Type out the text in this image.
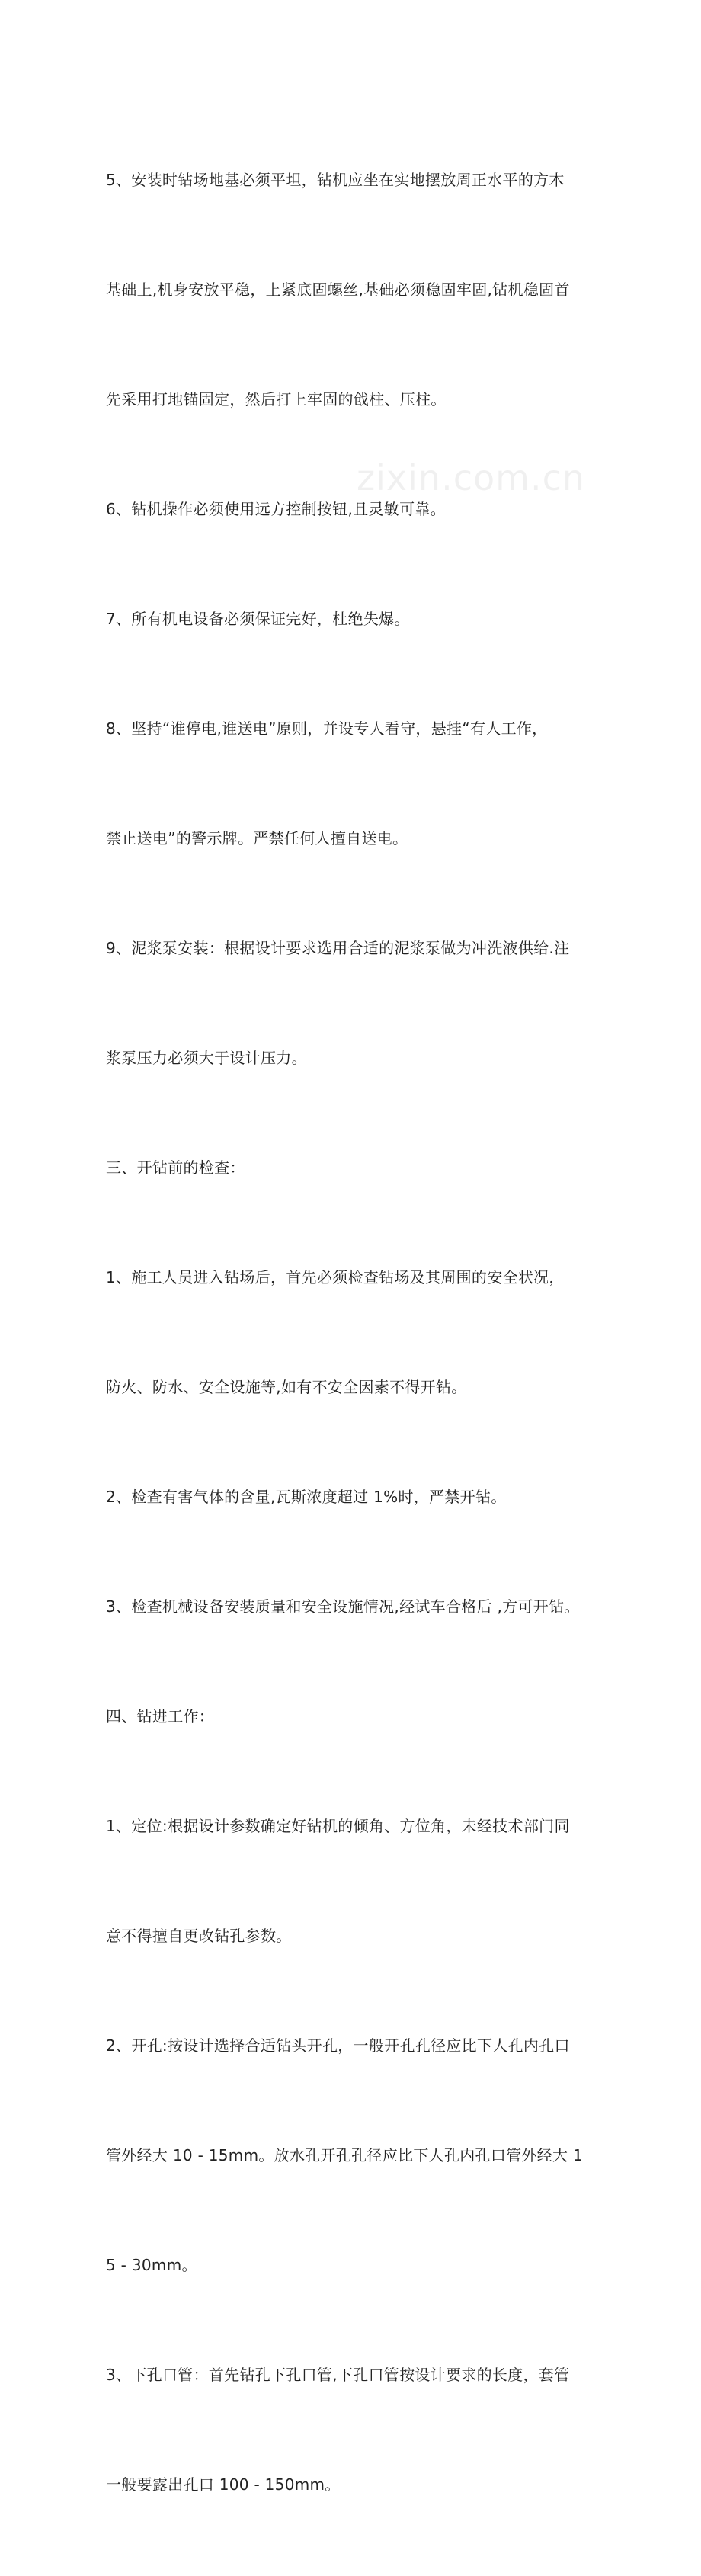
zixin.com.cn

5、安装时钻场地基必须平坦，钻机应坐在实地摆放周正水平的方木

基础上,机身安放平稳，上紧底固螺丝,基础必须稳固牢固,钻机稳固首

先采用打地锚固定，然后打上牢固的戗柱、压柱。

6、钻机操作必须使用远方控制按钮,且灵敏可靠。

7、所有机电设备必须保证完好，杜绝失爆。

8、坚持“谁停电,谁送电”原则，并设专人看守，悬挂“有人工作，

禁止送电”的警示牌。严禁任何人擅自送电。

9、泥浆泵安装：根据设计要求选用合适的泥浆泵做为冲洗液供给.注

浆泵压力必须大于设计压力。

三、开钻前的检查：

1、施工人员进入钻场后，首先必须检查钻场及其周围的安全状况，

防火、防水、安全设施等,如有不安全因素不得开钻。

2、检查有害气体的含量,瓦斯浓度超过 1%时，严禁开钻。

3、检查机械设备安装质量和安全设施情况,经试车合格后 ,方可开钻。

四、钻进工作：

1、定位:根据设计参数确定好钻机的倾角、方位角，未经技术部门同

意不得擅自更改钻孔参数。

2、开孔:按设计选择合适钻头开孔，一般开孔孔径应比下人孔内孔口

管外经大 10 - 15mm。放水孔开孔孔径应比下人孔内孔口管外经大 1

5 - 30mm。

3、下孔口管：首先钻孔下孔口管,下孔口管按设计要求的长度，套管

一般要露出孔口 100 - 150mm。
